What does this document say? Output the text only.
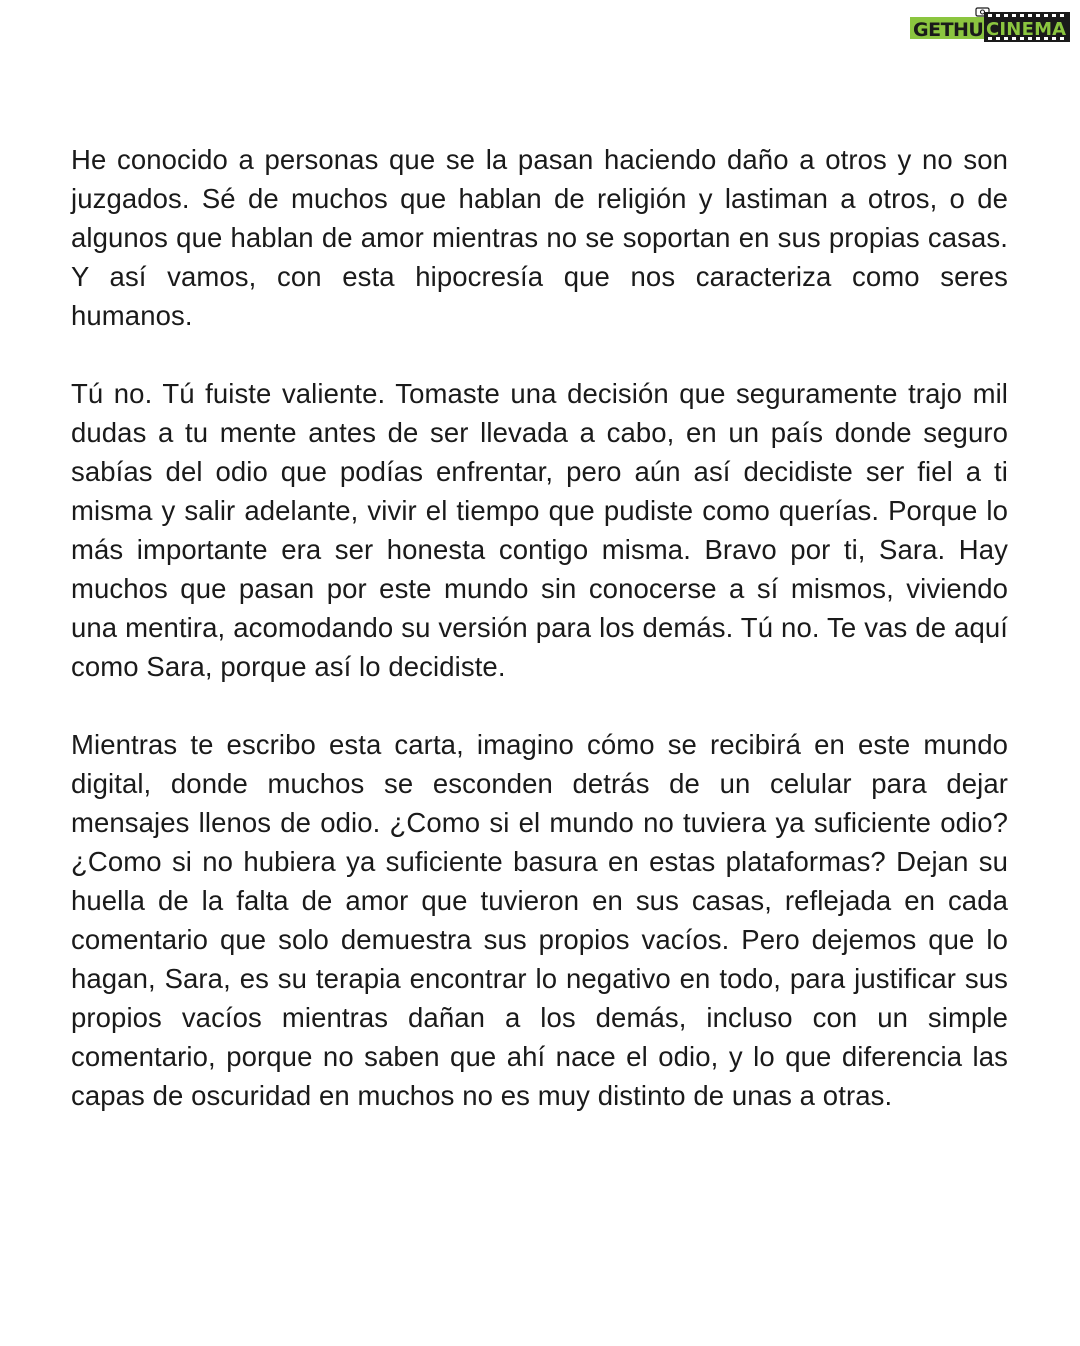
GETHU CINEMA

He conocido a personas que se la pasan haciendo daño a otros y no son juzgados. Sé de muchos que hablan de religión y lastiman a otros, o de algunos que hablan de amor mientras no se soportan en sus propias casas. Y así vamos, con esta hipocresía que nos caracteriza como seres humanos.

Tú no. Tú fuiste valiente. Tomaste una decisión que seguramente trajo mil dudas a tu mente antes de ser llevada a cabo, en un país donde seguro sabías del odio que podías enfrentar, pero aún así decidiste ser fiel a ti misma y salir adelante, vivir el tiempo que pudiste como querías. Porque lo más importante era ser honesta contigo misma. Bravo por ti, Sara. Hay muchos que pasan por este mundo sin conocerse a sí mismos, viviendo una mentira, acomodando su versión para los demás. Tú no. Te vas de aquí como Sara, porque así lo decidiste.

Mientras te escribo esta carta, imagino cómo se recibirá en este mundo digital, donde muchos se esconden detrás de un celular para dejar mensajes llenos de odio. ¿Como si el mundo no tuviera ya suficiente odio? ¿Como si no hubiera ya suficiente basura en estas plataformas? Dejan su huella de la falta de amor que tuvieron en sus casas, reflejada en cada comentario que solo demuestra sus propios vacíos. Pero dejemos que lo hagan, Sara, es su terapia encontrar lo negativo en todo, para justificar sus propios vacíos mientras dañan a los demás, incluso con un simple comentario, porque no saben que ahí nace el odio, y lo que diferencia las capas de oscuridad en muchos no es muy distinto de unas a otras.
